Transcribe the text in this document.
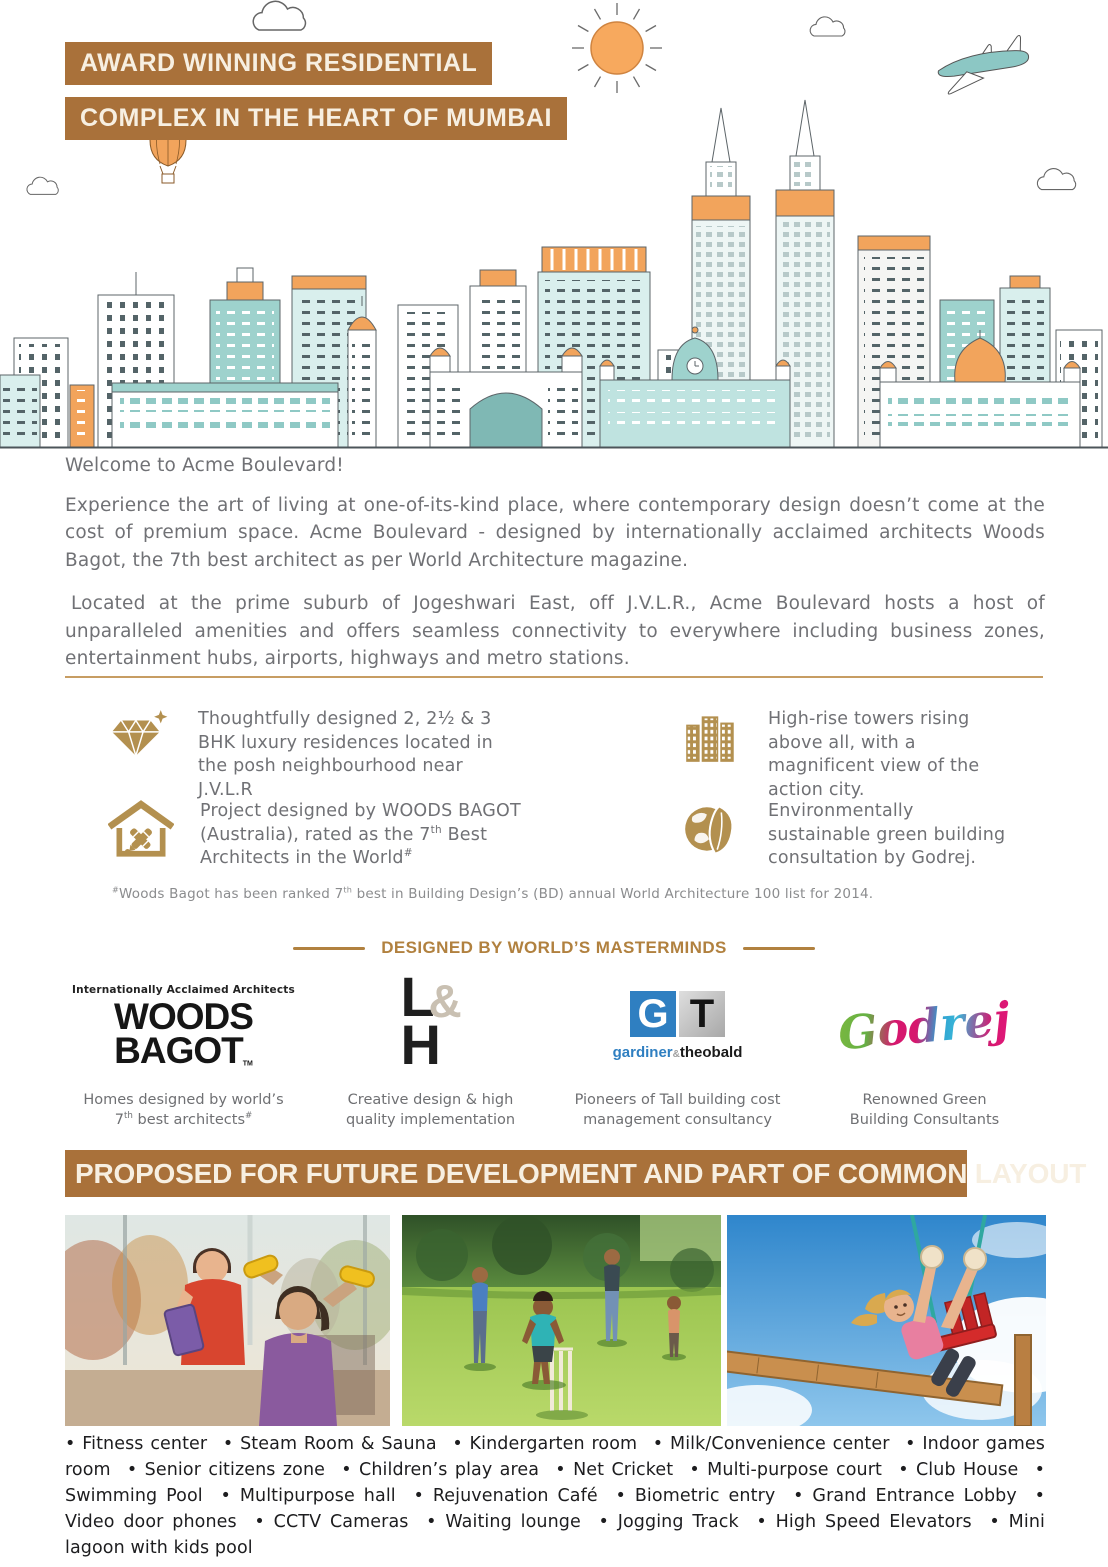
AWARD WINNING RESIDENTIAL
COMPLEX IN THE HEART OF MUMBAI

Welcome to Acme Boulevard!

Experience the art of living at one-of-its-kind place, where contemporary design doesn’t come at the cost of premium space. Acme Boulevard - designed by internationally acclaimed architects Woods Bagot, the 7th best architect as per World Architecture magazine.

Located at the prime suburb of Jogeshwari East, off J.V.L.R., Acme Boulevard hosts a host of unparalleled amenities and offers seamless connectivity to everywhere including business zones, entertainment hubs, airports, highways and metro stations.

Thoughtfully designed 2, 2½ & 3 BHK luxury residences located in the posh neighbourhood near J.V.L.R
High-rise towers rising above all, with a magnificent view of the action city.
Project designed by WOODS BAGOT (Australia), rated as the 7th Best Architects in the World#
Environmentally sustainable green building consultation by Godrej.
#Woods Bagot has been ranked 7th best in Building Design’s (BD) annual World Architecture 100 list for 2014.
DESIGNED BY WORLD’S MASTERMINDS
Internationally Acclaimed Architects
WOODS
BAGOTTM
Homes designed by world’s
7th best architects#
L
&
H
Creative design & high quality implementation
G T
gardiner&theobald
Pioneers of Tall building cost management consultancy
Godrej
Renowned Green Building Consultants
PROPOSED FOR FUTURE DEVELOPMENT AND PART OF COMMON LAYOUT
• Fitness center  • Steam Room & Sauna  • Kindergarten room  • Milk/Convenience center  • Indoor games room  • Senior citizens zone  • Children’s play area  • Net Cricket  • Multi-purpose court  • Club House  • Swimming Pool  • Multipurpose hall  • Rejuvenation Café  • Biometric entry  • Grand Entrance Lobby  • Video door phones  • CCTV Cameras  • Waiting lounge  • Jogging Track  • High Speed Elevators  • Mini lagoon with kids pool
